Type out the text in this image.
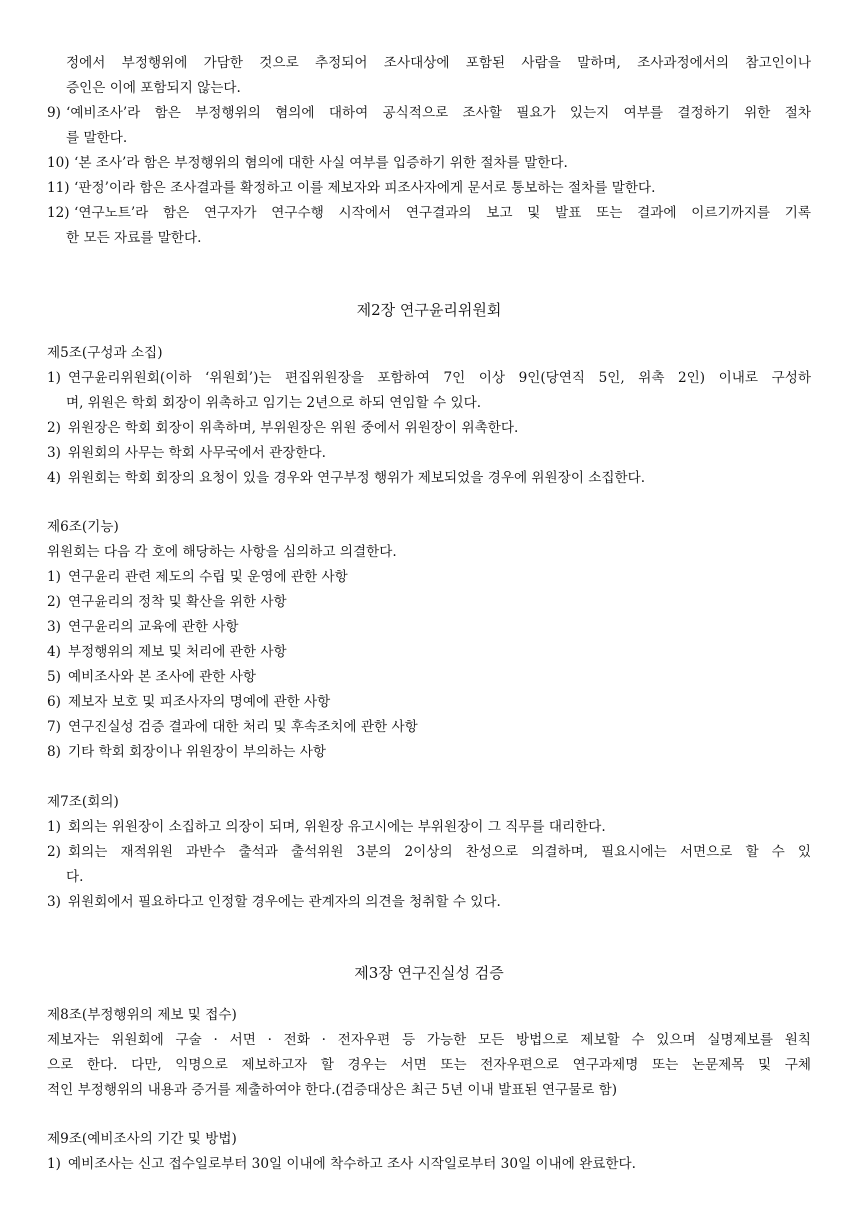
정에서 부정행위에 가담한 것으로 추정되어 조사대상에 포함된 사람을 말하며, 조사과정에서의 참고인이나
증인은 이에 포함되지 않는다.
9) ‘예비조사’라 함은 부정행위의 혐의에 대하여 공식적으로 조사할 필요가 있는지 여부를 결정하기 위한 절차
를 말한다.
10) ‘본 조사’라 함은 부정행위의 혐의에 대한 사실 여부를 입증하기 위한 절차를 말한다.
11) ‘판정’이라 함은 조사결과를 확정하고 이를 제보자와 피조사자에게 문서로 통보하는 절차를 말한다.
12) ‘연구노트’라 함은 연구자가 연구수행 시작에서 연구결과의 보고 및 발표 또는 결과에 이르기까지를 기록
한 모든 자료를 말한다.
제2장 연구윤리위원회
제5조(구성과 소집)
1) 연구윤리위원회(이하 ‘위원회’)는 편집위원장을 포함하여 7인 이상 9인(당연직 5인, 위촉 2인) 이내로 구성하
며, 위원은 학회 회장이 위촉하고 임기는 2년으로 하되 연임할 수 있다.
2) 위원장은 학회 회장이 위촉하며, 부위원장은 위원 중에서 위원장이 위촉한다.
3) 위원회의 사무는 학회 사무국에서 관장한다.
4) 위원회는 학회 회장의 요청이 있을 경우와 연구부정 행위가 제보되었을 경우에 위원장이 소집한다.
제6조(기능)
위원회는 다음 각 호에 해당하는 사항을 심의하고 의결한다.
1) 연구윤리 관련 제도의 수립 및 운영에 관한 사항
2) 연구윤리의 정착 및 확산을 위한 사항
3) 연구윤리의 교육에 관한 사항
4) 부정행위의 제보 및 처리에 관한 사항
5) 예비조사와 본 조사에 관한 사항
6) 제보자 보호 및 피조사자의 명예에 관한 사항
7) 연구진실성 검증 결과에 대한 처리 및 후속조치에 관한 사항
8) 기타 학회 회장이나 위원장이 부의하는 사항
제7조(회의)
1) 회의는 위원장이 소집하고 의장이 되며, 위원장 유고시에는 부위원장이 그 직무를 대리한다.
2) 회의는 재적위원 과반수 출석과 출석위원 3분의 2이상의 찬성으로 의결하며, 필요시에는 서면으로 할 수 있
다.
3) 위원회에서 필요하다고 인정할 경우에는 관계자의 의견을 청취할 수 있다.
제3장 연구진실성 검증
제8조(부정행위의 제보 및 접수)
제보자는 위원회에 구술 · 서면 · 전화 · 전자우편 등 가능한 모든 방법으로 제보할 수 있으며 실명제보를 원칙
으로 한다. 다만, 익명으로 제보하고자 할 경우는 서면 또는 전자우편으로 연구과제명 또는 논문제목 및 구체
적인 부정행위의 내용과 증거를 제출하여야 한다.(검증대상은 최근 5년 이내 발표된 연구물로 함)
제9조(예비조사의 기간 및 방법)
1) 예비조사는 신고 접수일로부터 30일 이내에 착수하고 조사 시작일로부터 30일 이내에 완료한다.
